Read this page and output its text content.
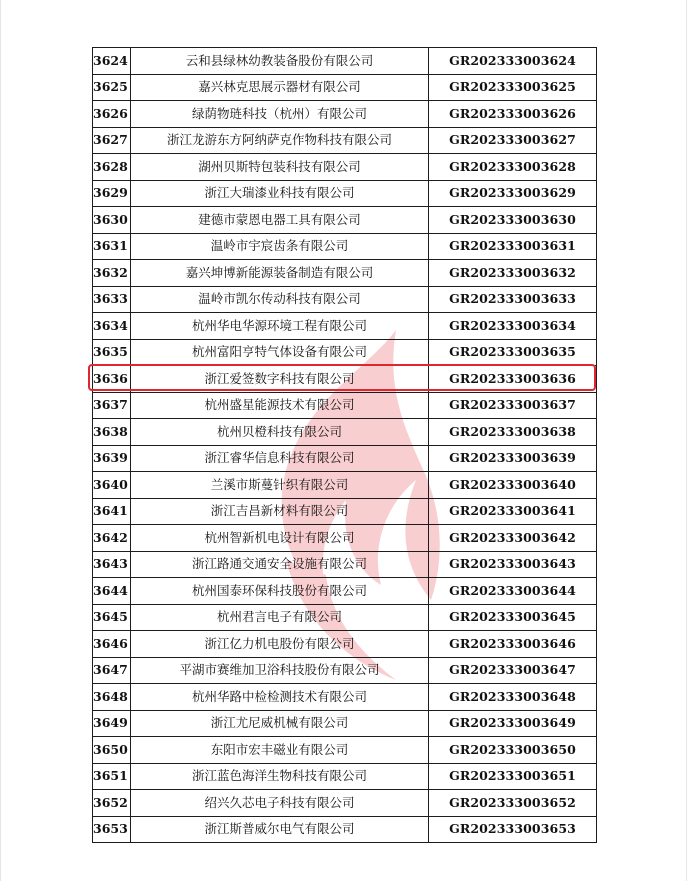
3624	云和县绿林幼教装备股份有限公司	GR202333003624
3625	嘉兴林克思展示器材有限公司	GR202333003625
3626	绿荫物琏科技（杭州）有限公司	GR202333003626
3627	浙江龙游东方阿纳萨克作物科技有限公司	GR202333003627
3628	湖州贝斯特包装科技有限公司	GR202333003628
3629	浙江大瑞漆业科技有限公司	GR202333003629
3630	建德市蒙恩电器工具有限公司	GR202333003630
3631	温岭市宇宸齿条有限公司	GR202333003631
3632	嘉兴坤博新能源装备制造有限公司	GR202333003632
3633	温岭市凯尔传动科技有限公司	GR202333003633
3634	杭州华电华源环境工程有限公司	GR202333003634
3635	杭州富阳亨特气体设备有限公司	GR202333003635
3636	浙江爱签数字科技有限公司	GR202333003636
3637	杭州盛星能源技术有限公司	GR202333003637
3638	杭州贝橙科技有限公司	GR202333003638
3639	浙江睿华信息科技有限公司	GR202333003639
3640	兰溪市斯蔓针织有限公司	GR202333003640
3641	浙江吉昌新材料有限公司	GR202333003641
3642	杭州智新机电设计有限公司	GR202333003642
3643	浙江路通交通安全设施有限公司	GR202333003643
3644	杭州国泰环保科技股份有限公司	GR202333003644
3645	杭州君言电子有限公司	GR202333003645
3646	浙江亿力机电股份有限公司	GR202333003646
3647	平湖市赛维加卫浴科技股份有限公司	GR202333003647
3648	杭州华路中检检测技术有限公司	GR202333003648
3649	浙江尤尼威机械有限公司	GR202333003649
3650	东阳市宏丰磁业有限公司	GR202333003650
3651	浙江蓝色海洋生物科技有限公司	GR202333003651
3652	绍兴久芯电子科技有限公司	GR202333003652
3653	浙江斯普威尔电气有限公司	GR202333003653
